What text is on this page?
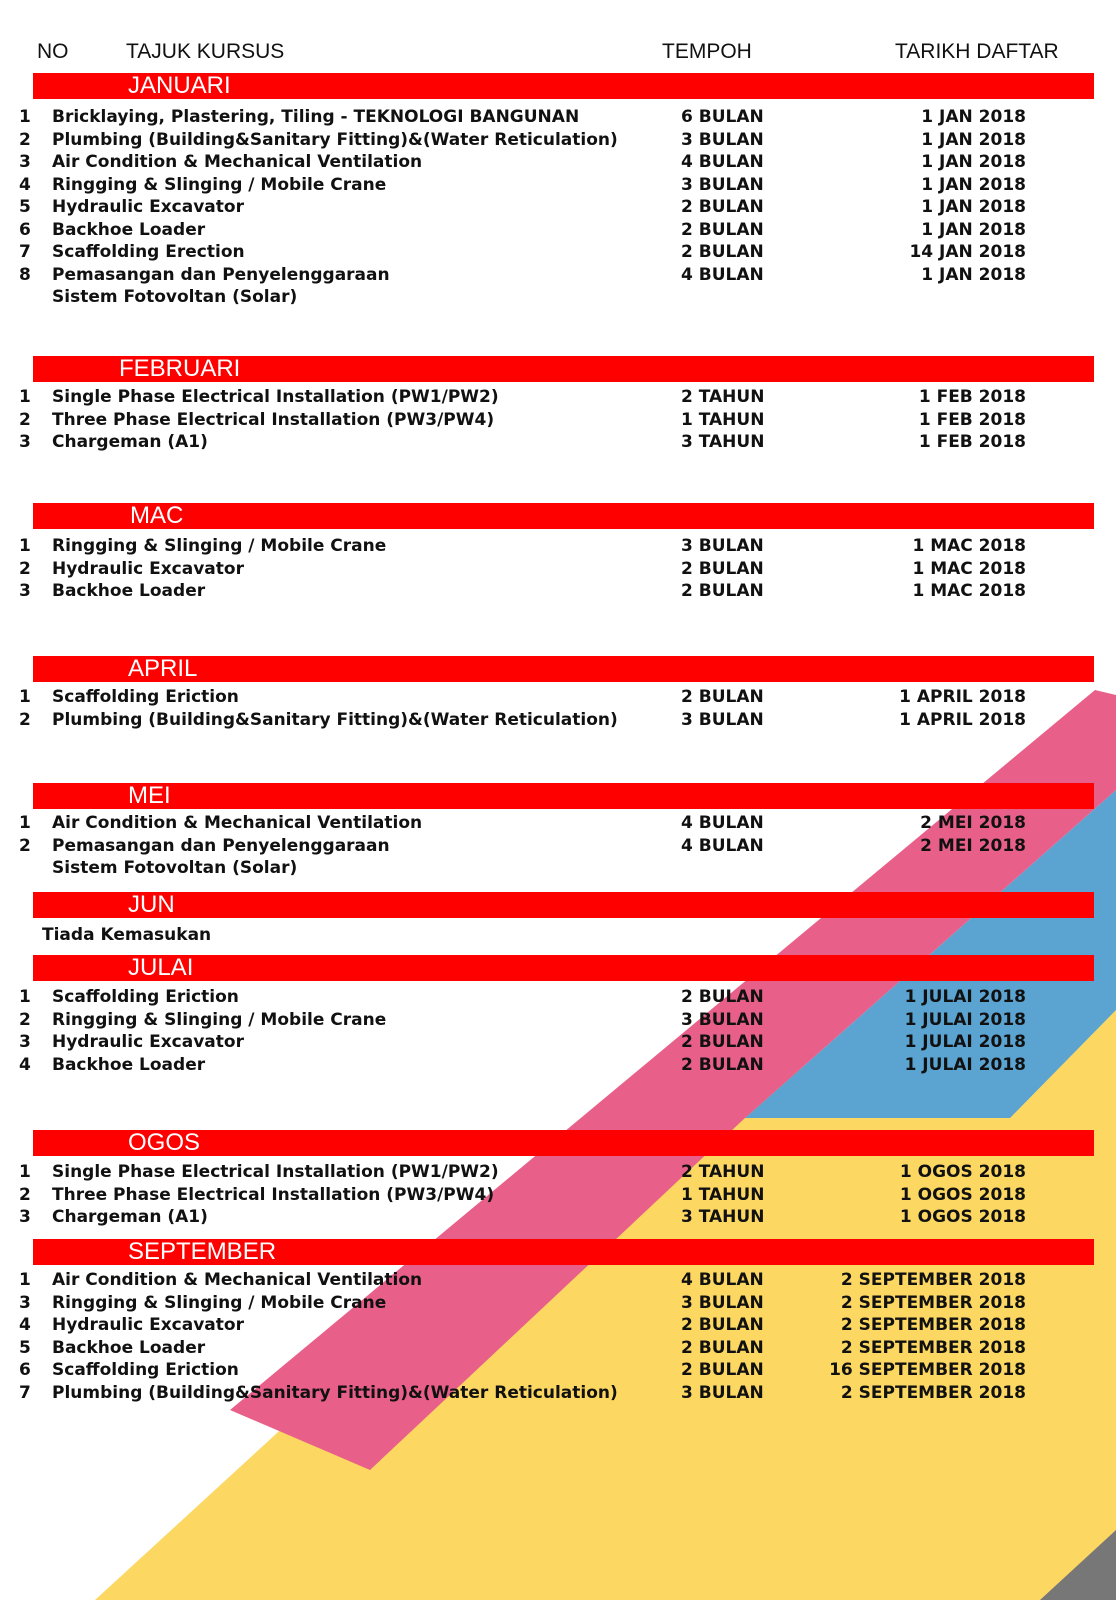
NO	TAJUK KURSUS	TEMPOH	TARIKH DAFTAR
JANUARI
1 Bricklaying, Plastering, Tiling - TEKNOLOGI BANGUNAN	6 BULAN	1 JAN 2018
2 Plumbing (Building&Sanitary Fitting)&(Water Reticulation)	3 BULAN	1 JAN 2018
3 Air Condition & Mechanical Ventilation	4 BULAN	1 JAN 2018
4 Ringging & Slinging / Mobile Crane	3 BULAN	1 JAN 2018
5 Hydraulic Excavator	2 BULAN	1 JAN 2018
6 Backhoe Loader	2 BULAN	1 JAN 2018
7 Scaffolding Erection	2 BULAN	14 JAN 2018
8 Pemasangan dan Penyelenggaraan	4 BULAN	1 JAN 2018
Sistem Fotovoltan (Solar)
FEBRUARI
1 Single Phase Electrical Installation (PW1/PW2)	2 TAHUN	1 FEB 2018
2 Three Phase Electrical Installation (PW3/PW4)	1 TAHUN	1 FEB 2018
3 Chargeman (A1)	3 TAHUN	1 FEB 2018
MAC
1 Ringging & Slinging / Mobile Crane	3 BULAN	1 MAC 2018
2 Hydraulic Excavator	2 BULAN	1 MAC 2018
3 Backhoe Loader	2 BULAN	1 MAC 2018
APRIL
1 Scaffolding Eriction	2 BULAN	1 APRIL 2018
2 Plumbing (Building&Sanitary Fitting)&(Water Reticulation)	3 BULAN	1 APRIL 2018
MEI
1 Air Condition & Mechanical Ventilation	4 BULAN	2 MEI 2018
2 Pemasangan dan Penyelenggaraan	4 BULAN	2 MEI 2018
Sistem Fotovoltan (Solar)
JUN
Tiada Kemasukan
JULAI
1 Scaffolding Eriction	2 BULAN	1 JULAI 2018
2 Ringging & Slinging / Mobile Crane	3 BULAN	1 JULAI 2018
3 Hydraulic Excavator	2 BULAN	1 JULAI 2018
4 Backhoe Loader	2 BULAN	1 JULAI 2018
OGOS
1 Single Phase Electrical Installation (PW1/PW2)	2 TAHUN	1 OGOS 2018
2 Three Phase Electrical Installation (PW3/PW4)	1 TAHUN	1 OGOS 2018
3 Chargeman (A1)	3 TAHUN	1 OGOS 2018
SEPTEMBER
1 Air Condition & Mechanical Ventilation	4 BULAN	2 SEPTEMBER 2018
3 Ringging & Slinging / Mobile Crane	3 BULAN	2 SEPTEMBER 2018
4 Hydraulic Excavator	2 BULAN	2 SEPTEMBER 2018
5 Backhoe Loader	2 BULAN	2 SEPTEMBER 2018
6 Scaffolding Eriction	2 BULAN	16 SEPTEMBER 2018
7 Plumbing (Building&Sanitary Fitting)&(Water Reticulation)	3 BULAN	2 SEPTEMBER 2018
